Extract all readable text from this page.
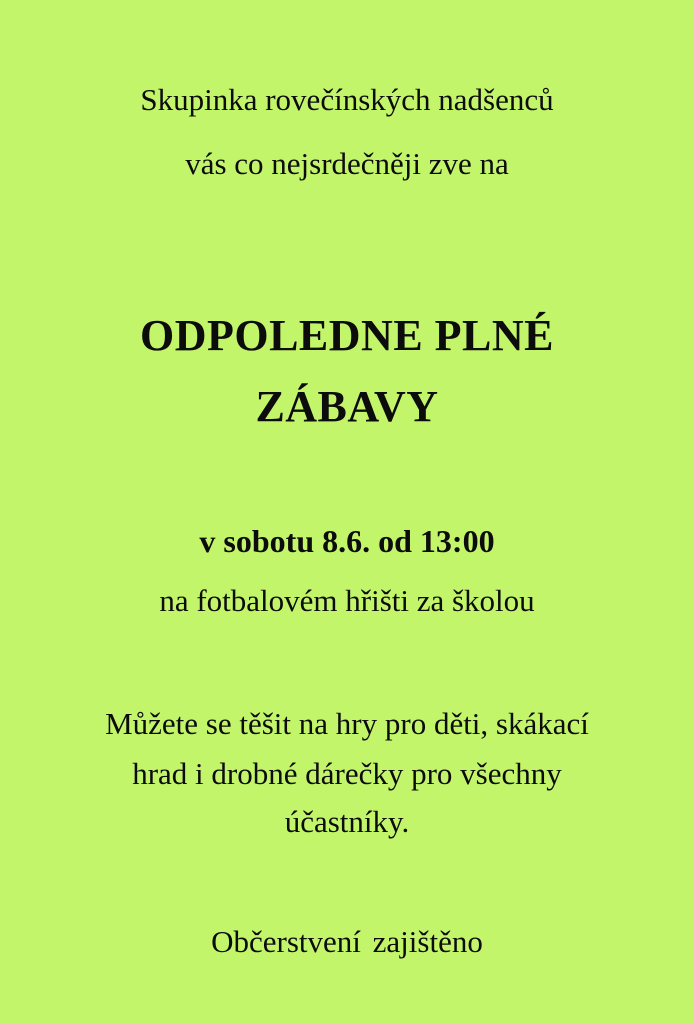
Skupinka rovečínských nadšenců
vás co nejsrdečněji zve na
ODPOLEDNE PLNÉ
ZÁBAVY
v sobotu 8.6. od 13:00
na fotbalovém hřišti za školou
Můžete se těšit na hry pro děti, skákací
hrad i drobné dárečky pro všechny
účastníky.
Občerstvení zajištěno
